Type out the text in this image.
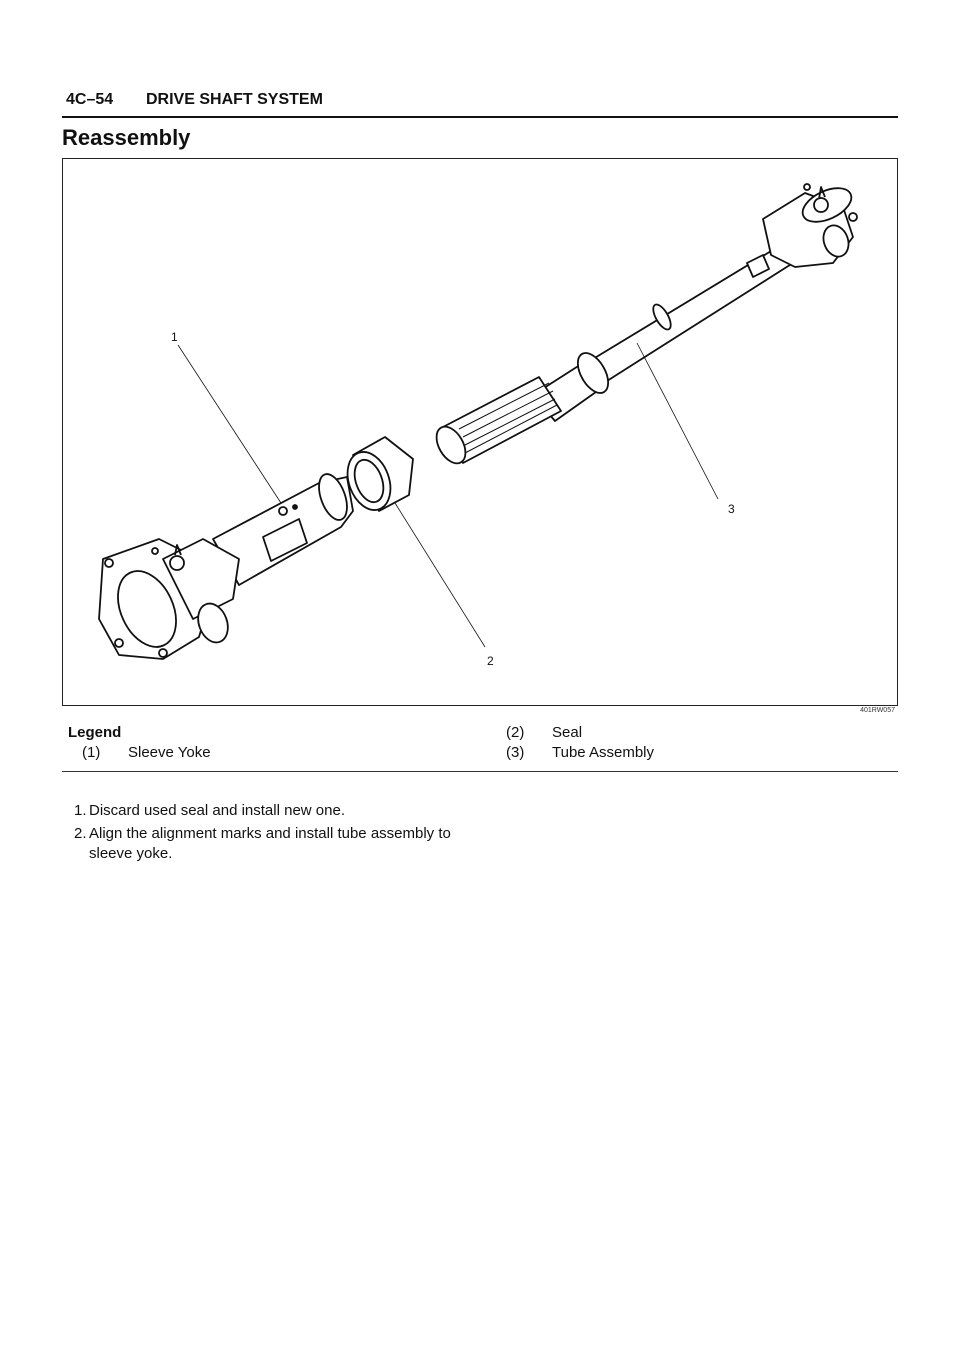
4C–54 DRIVE SHAFT SYSTEM
Reassembly
1
2
3
401RW057
Legend
(1) Sleeve Yoke
(2) Seal
(3) Tube Assembly
1. Discard used seal and install new one.
2. Align the alignment marks and install tube assembly to sleeve yoke.
